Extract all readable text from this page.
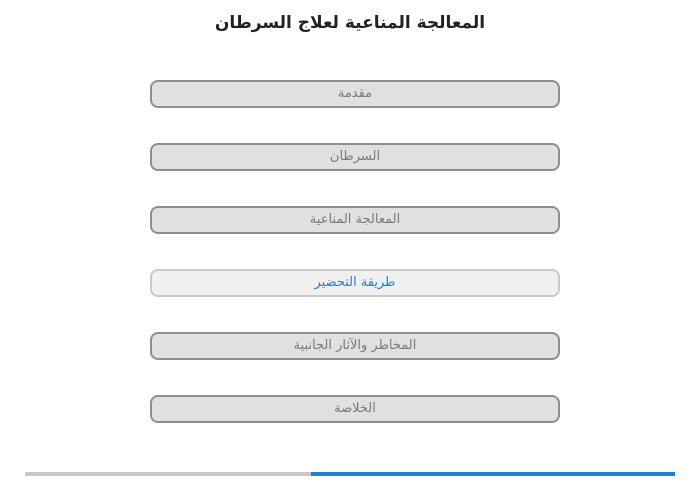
المعالجة المناعية لعلاج السرطان
مقدمة
السرطان
المعالجة المناعية
طريقة التحضير
المخاطر والآثار الجانبية
الخلاصة
